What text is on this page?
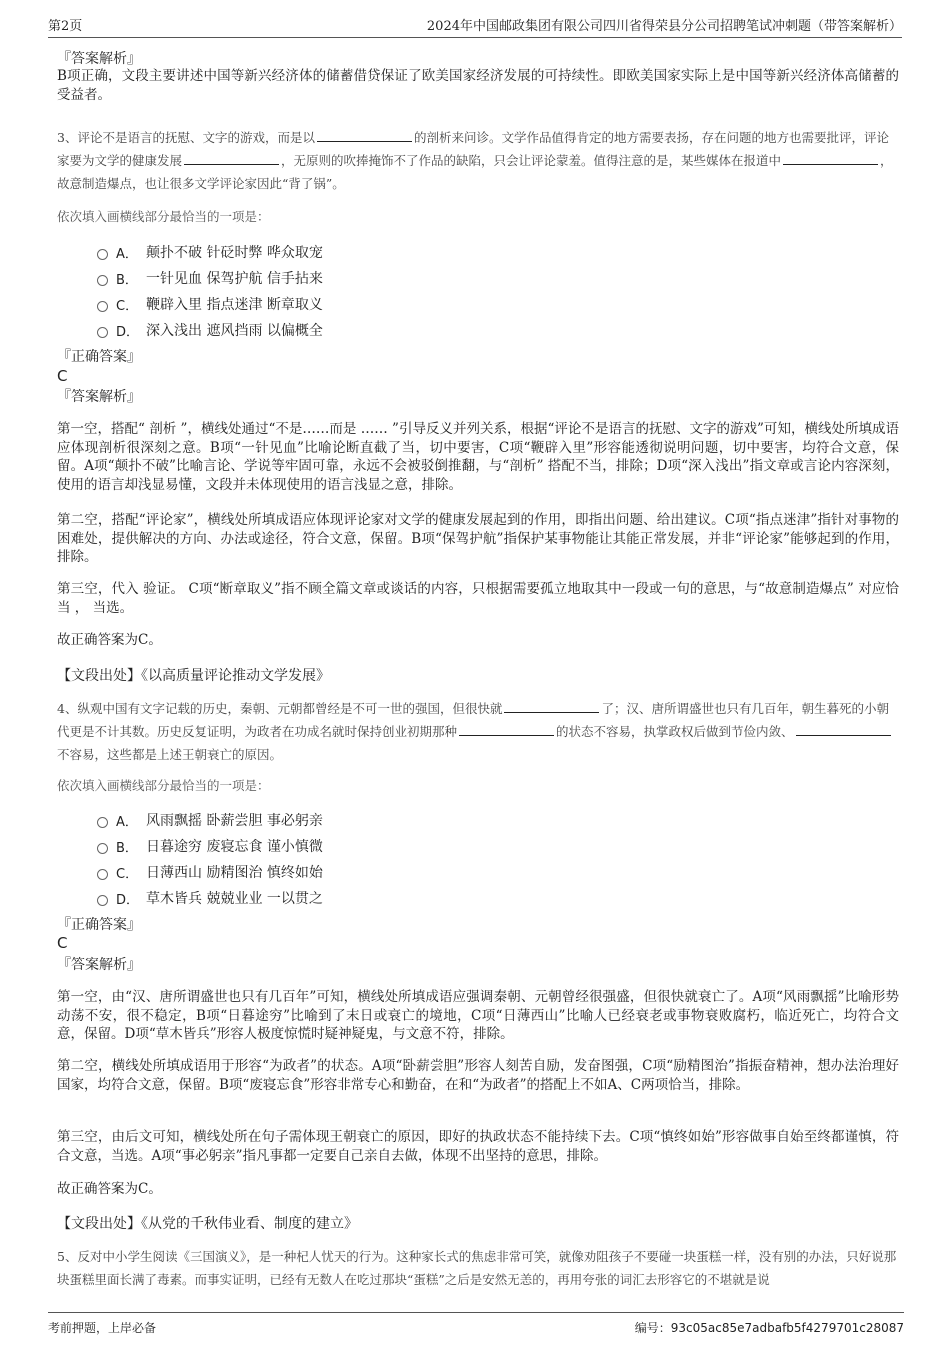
第2页	2024年中国邮政集团有限公司四川省得荣县分公司招聘笔试冲刺题（带答案解析）
『答案解析』
B项正确，文段主要讲述中国等新兴经济体的储蓄借贷保证了欧美国家经济发展的可持续性。即欧美国家实际上是中国等新兴经济体高储蓄的受益者。
3、评论不是语言的抚慰、文字的游戏，而是以	的剖析来问诊。文学作品值得肯定的地方需要表扬，存在问题的地方也需要批评，评论家要为文学的健康发展	，无原则的吹捧掩饰不了作品的缺陷，只会让评论蒙羞。值得注意的是，某些媒体在报道中	，故意制造爆点，也让很多文学评论家因此“背了锅”。
依次填入画横线部分最恰当的一项是：
A． 颠扑不破 针砭时弊 哗众取宠
B． 一针见血 保驾护航 信手拈来
C． 鞭辟入里 指点迷津 断章取义
D． 深入浅出 遮风挡雨 以偏概全
『正确答案』
C
『答案解析』
第一空，搭配“ 剖析 ”，横线处通过“不是……而是 …… ”引导反义并列关系，根据“评论不是语言的抚慰、文字的游戏”可知，横线处所填成语应体现剖析很深刻之意。B项“一针见血”比喻论断直截了当，切中要害，C项“鞭辟入里”形容能透彻说明问题，切中要害，均符合文意，保留。A项“颠扑不破”比喻言论、学说等牢固可靠，永远不会被驳倒推翻，与“剖析” 搭配不当，排除；D项“深入浅出”指文章或言论内容深刻，使用的语言却浅显易懂，文段并未体现使用的语言浅显之意，排除。
第二空，搭配“评论家”，横线处所填成语应体现评论家对文学的健康发展起到的作用，即指出问题、给出建议。C项“指点迷津”指针对事物的困难处，提供解决的方向、办法或途径，符合文意，保留。B项“保驾护航”指保护某事物能让其能正常发展，并非“评论家”能够起到的作用，排除。
第三空，代入 验证。 C项“断章取义”指不顾全篇文章或谈话的内容，只根据需要孤立地取其中一段或一句的意思，与“故意制造爆点” 对应恰当 ， 当选。
故正确答案为C。
【文段出处】《以高质量评论推动文学发展》
4、纵观中国有文字记载的历史，秦朝、元朝都曾经是不可一世的强国，但很快就	了；汉、唐所谓盛世也只有几百年，朝生暮死的小朝代更是不计其数。历史反复证明，为政者在功成名就时保持创业初期那种	的状态不容易，执掌政权后做到节俭内敛、不容易，这些都是上述王朝衰亡的原因。
依次填入画横线部分最恰当的一项是：
A． 风雨飘摇 卧薪尝胆 事必躬亲
B． 日暮途穷 废寝忘食 谨小慎微
C． 日薄西山 励精图治 慎终如始
D． 草木皆兵 兢兢业业 一以贯之
『正确答案』
C
『答案解析』
第一空，由“汉、唐所谓盛世也只有几百年”可知，横线处所填成语应强调秦朝、元朝曾经很强盛，但很快就衰亡了。A项“风雨飘摇”比喻形势动荡不安，很不稳定，B项“日暮途穷”比喻到了末日或衰亡的境地，C项“日薄西山”比喻人已经衰老或事物衰败腐朽，临近死亡，均符合文意，保留。D项“草木皆兵”形容人极度惊慌时疑神疑鬼，与文意不符，排除。
第二空，横线处所填成语用于形容“为政者”的状态。A项“卧薪尝胆”形容人刻苦自励，发奋图强，C项“励精图治”指振奋精神，想办法治理好国家，均符合文意，保留。B项“废寝忘食”形容非常专心和勤奋，在和“为政者”的搭配上不如A、C两项恰当，排除。
第三空，由后文可知，横线处所在句子需体现王朝衰亡的原因，即好的执政状态不能持续下去。C项“慎终如始”形容做事自始至终都谨慎，符合文意，当选。A项“事必躬亲”指凡事都一定要自己亲自去做，体现不出坚持的意思，排除。
故正确答案为C。
【文段出处】《从党的千秋伟业看、制度的建立》
5、反对中小学生阅读《三国演义》，是一种杞人忧天的行为。这种家长式的焦虑非常可笑，就像劝阻孩子不要碰一块蛋糕一样，没有别的办法，只好说那块蛋糕里面长满了毒素。而事实证明，已经有无数人在吃过那块“蛋糕”之后是安然无恙的，再用夸张的词汇去形容它的不堪就是说
考前押题，上岸必备	编号：93c05ac85e7adbafb5f4279701c28087
